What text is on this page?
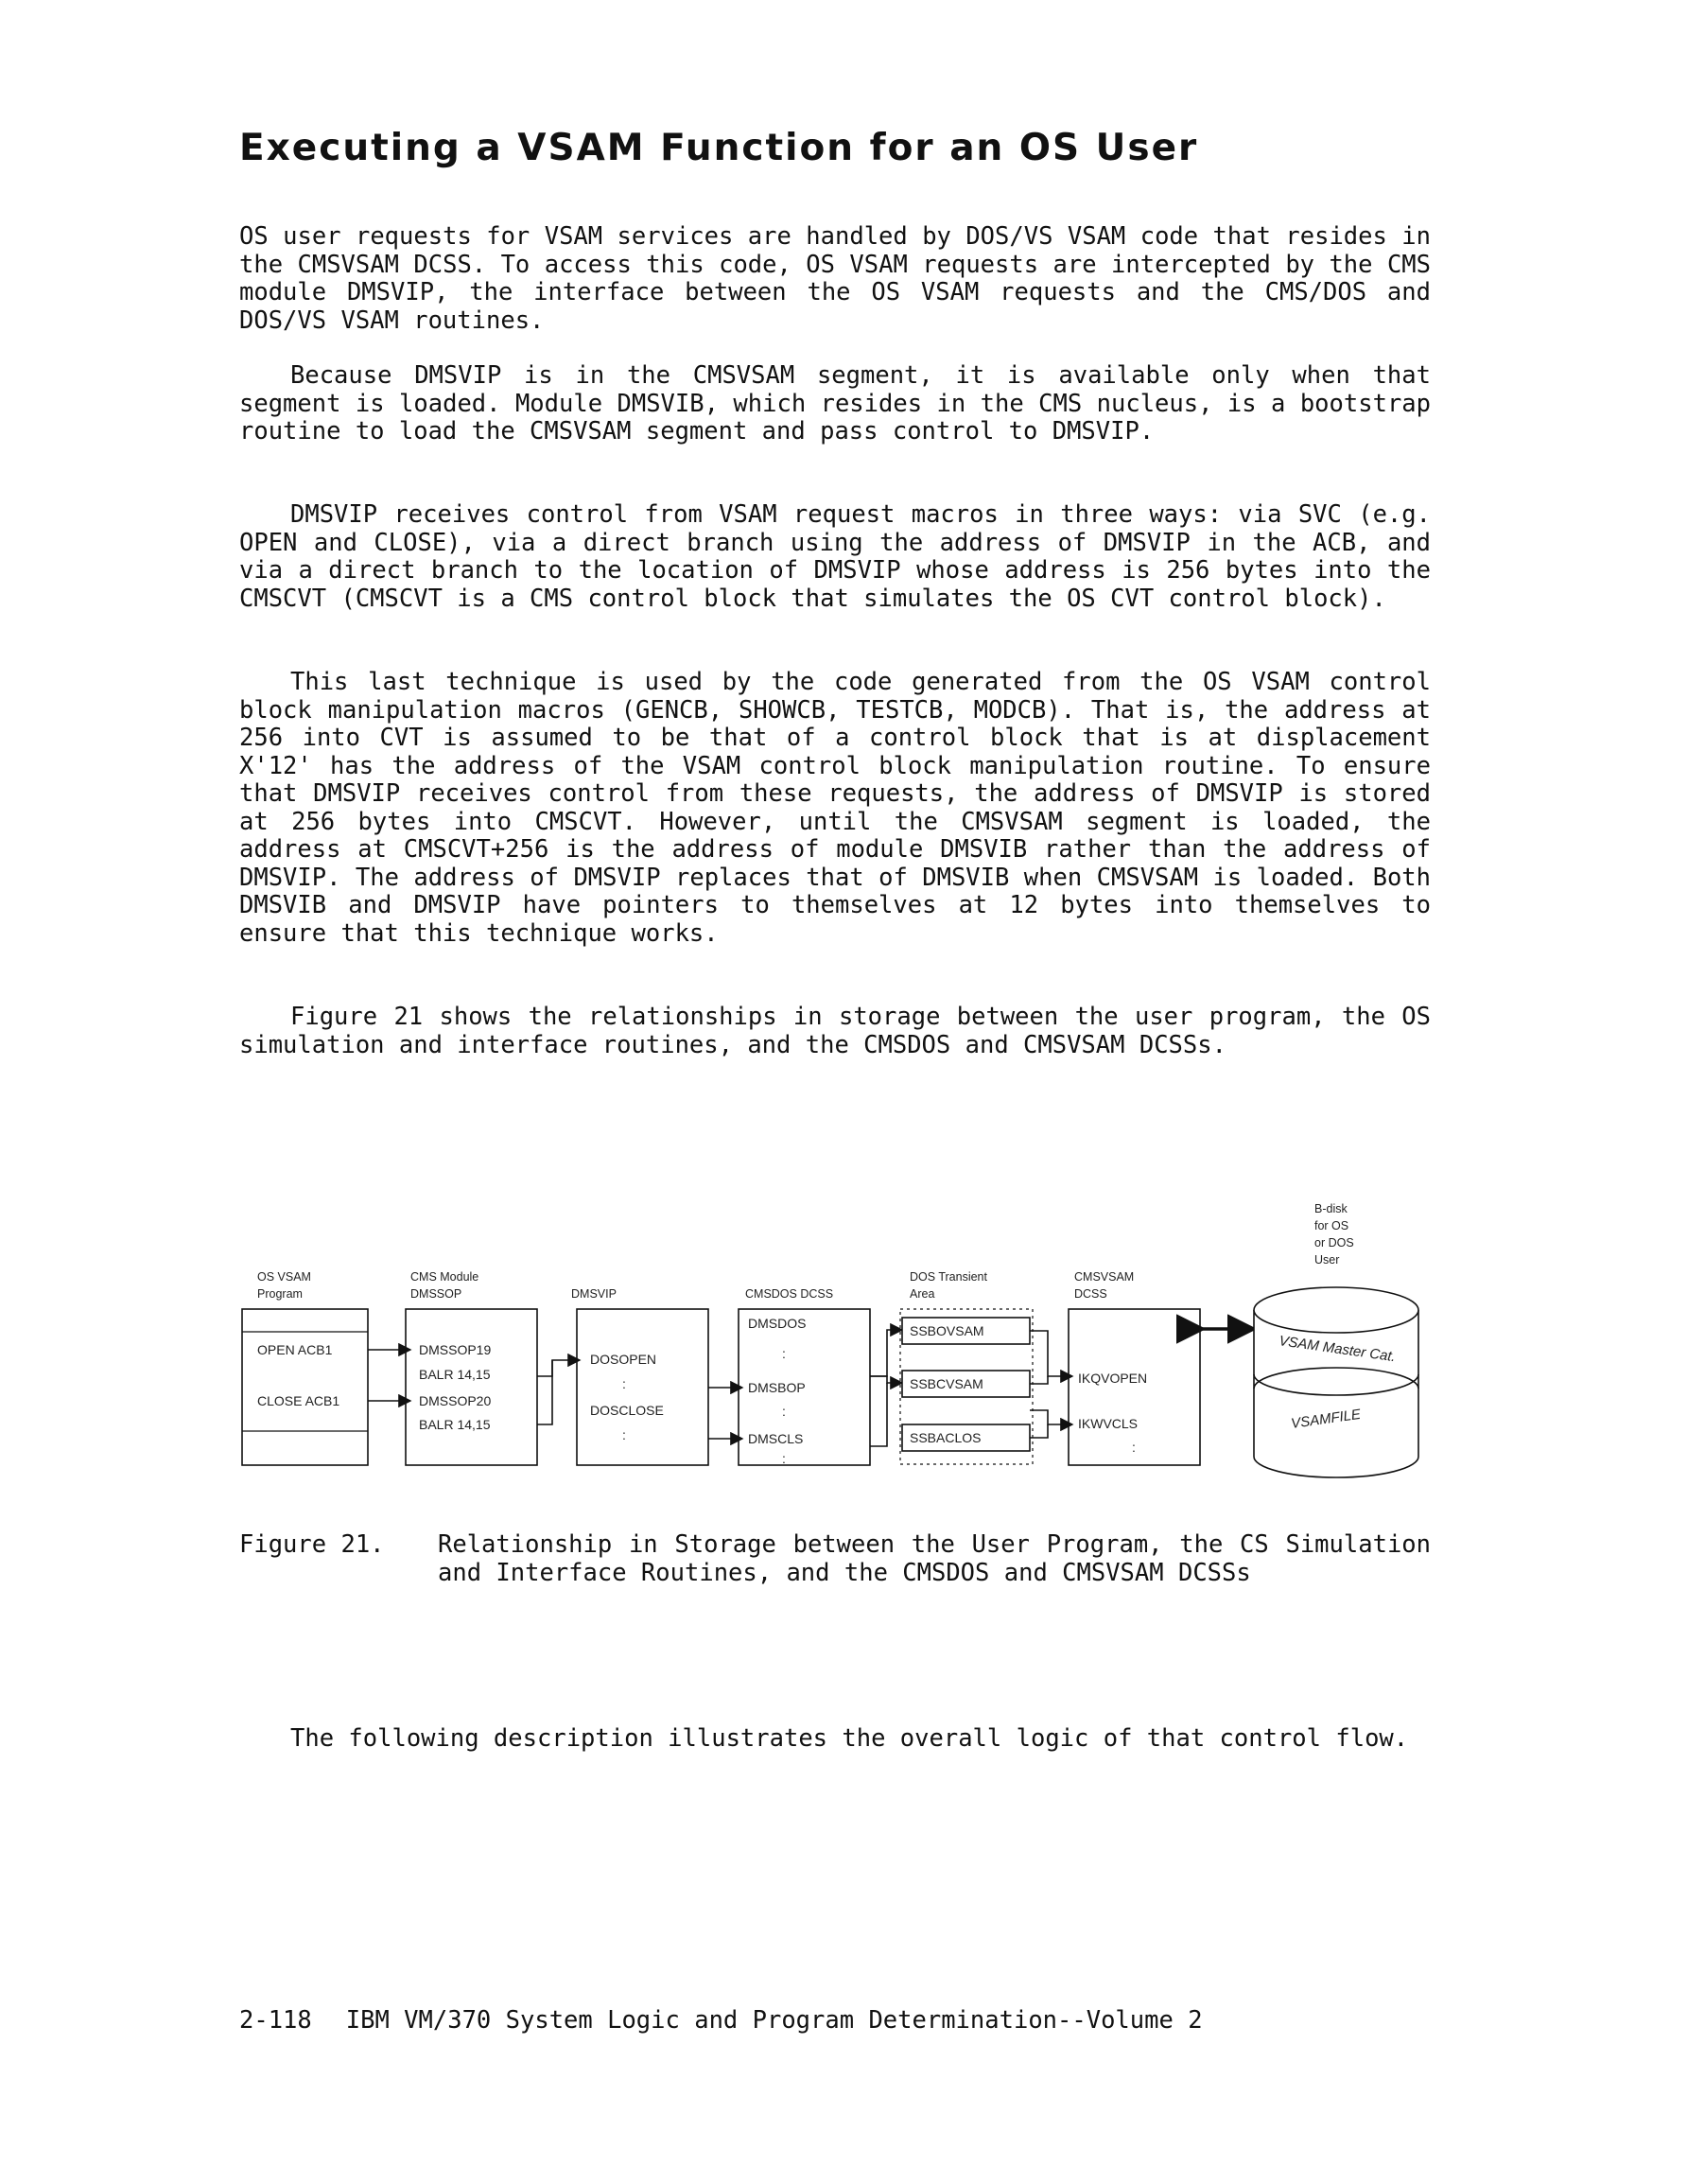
Executing a VSAM Function for an OS User

OS user requests for VSAM services are handled by DOS/VS VSAM code that resides in the CMSVSAM DCSS. To access this code, OS VSAM requests are intercepted by the CMS module DMSVIP, the interface between the OS VSAM requests and the CMS/DOS and DOS/VS VSAM routines.

Because DMSVIP is in the CMSVSAM segment, it is available only when that segment is loaded. Module DMSVIB, which resides in the CMS nucleus, is a bootstrap routine to load the CMSVSAM segment and pass control to DMSVIP.

DMSVIP receives control from VSAM request macros in three ways: via SVC (e.g. OPEN and CLOSE), via a direct branch using the address of DMSVIP in the ACB, and via a direct branch to the location of DMSVIP whose address is 256 bytes into the CMSCVT (CMSCVT is a CMS control block that simulates the OS CVT control block).

This last technique is used by the code generated from the OS VSAM control block manipulation macros (GENCB, SHOWCB, TESTCB, MODCB). That is, the address at 256 into CVT is assumed to be that of a control block that is at displacement X'12' has the address of the VSAM control block manipulation routine. To ensure that DMSVIP receives control from these requests, the address of DMSVIP is stored at 256 bytes into CMSCVT. However, until the CMSVSAM segment is loaded, the address at CMSCVT+256 is the address of module DMSVIB rather than the address of DMSVIP. The address of DMSVIP replaces that of DMSVIB when CMSVSAM is loaded. Both DMSVIB and DMSVIP have pointers to themselves at 12 bytes into themselves to ensure that this technique works.

Figure 21 shows the relationships in storage between the user program, the OS simulation and interface routines, and the CMSDOS and CMSVSAM DCSSs.

OS VSAM
Program
CMS Module
DMSSOP	DMSVIP	CMSDOS DCSS
DOS Transient
Area
CMSVSAM
DCSS
B-disk
for OS
or DOS
User
OPEN ACB1
CLOSE ACB1
DMSSOP19
BALR 14,15
DMSSOP20
BALR 14,15
DOSOPEN
:
DOSCLOSE
:
DMSDOS
:
DMSBOP
:
DMSCLS
:
SSBOVSAM
SSBCVSAM
SSBACLOS
IKQVOPEN
IKWVCLS
:
VSAM Master Cat.
VSAMFILE
Figure 21. Relationship in Storage between the User Program, the CS Simulation and Interface Routines, and the CMSDOS and CMSVSAM DCSSs

The following description illustrates the overall logic of that control flow.

2-118 IBM VM/370 System Logic and Program Determination--Volume 2
